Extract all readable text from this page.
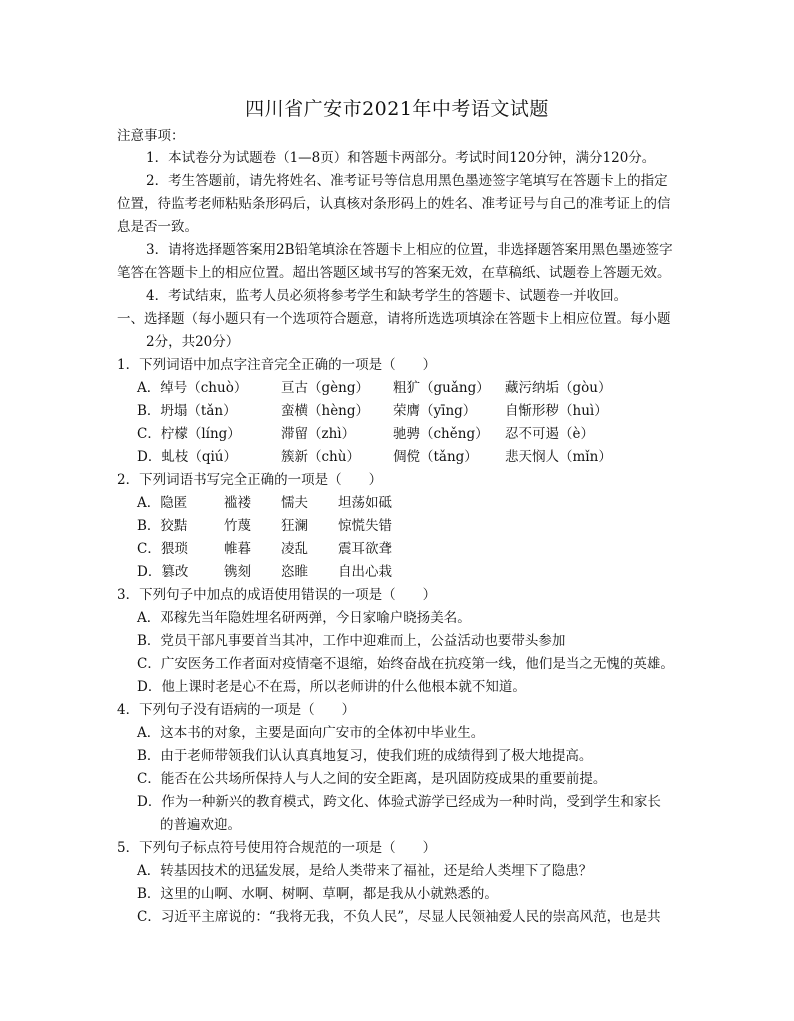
四川省广安市2021年中考语文试题
注意事项：
1．本试卷分为试题卷（1—8页）和答题卡两部分。考试时间120分钟，满分120分。
2．考生答题前，请先将姓名、准考证号等信息用黑色墨迹签字笔填写在答题卡上的指定
位置，待监考老师粘贴条形码后，认真核对条形码上的姓名、准考证号与自己的准考证上的信
息是否一致。
3．请将选择题答案用2B铅笔填涂在答题卡上相应的位置，非选择题答案用黑色墨迹签字
笔答在答题卡上的相应位置。超出答题区域书写的答案无效，在草稿纸、试题卷上答题无效。
4．考试结束，监考人员必须将参考学生和缺考学生的答题卡、试题卷一并收回。
一、选择题（每小题只有一个选项符合题意，请将所选选项填涂在答题卡上相应位置。每小题
2分，共20分）
1．下列词语中加点字注音完全正确的一项是（　　）
A．绰号（chuò） 亘古（gèng） 粗犷（guǎng） 藏污纳垢（gòu）
B．坍塌（tǎn）	蛮横（hèng） 荣膺（yīng） 自惭形秽（huì）
C．柠檬（líng）	滞留（zhì）	驰骋（chěng） 忍不可遏（è）
D．虬枝（qiú）	簇新（chù） 倜傥（tǎng） 悲天悯人（mǐn）
2．下列词语书写完全正确的一项是（　　）
A．隐匿	褴褛 懦夫 坦荡如砥
B．狡黠	竹蔑 狂澜 惊慌失错
C．猥琐	帷暮 凌乱 震耳欲聋
D．篡改	镌刻 恣睢 自出心栽
3．下列句子中加点的成语使用错误的一项是（　　）
A．邓稼先当年隐姓埋名研两弹，今日家喻户晓扬美名。
B．党员干部凡事要首当其冲，工作中迎难而上，公益活动也要带头参加
C．广安医务工作者面对疫情毫不退缩，始终奋战在抗疫第一线，他们是当之无愧的英雄。
D．他上课时老是心不在焉，所以老师讲的什么他根本就不知道。
4．下列句子没有语病的一项是（　　）
A．这本书的对象，主要是面向广安市的全体初中毕业生。
B．由于老师带领我们认认真真地复习，使我们班的成绩得到了极大地提高。
C．能否在公共场所保持人与人之间的安全距离，是巩固防疫成果的重要前提。
D．作为一种新兴的教育模式，跨文化、体验式游学已经成为一种时尚，受到学生和家长
的普遍欢迎。
5．下列句子标点符号使用符合规范的一项是（　　）
A．转基因技术的迅猛发展，是给人类带来了福祉，还是给人类埋下了隐患？
B．这里的山啊、水啊、树啊、草啊，都是我从小就熟悉的。
C．习近平主席说的：“我将无我，不负人民”，尽显人民领袖爱人民的崇高风范，也是共
